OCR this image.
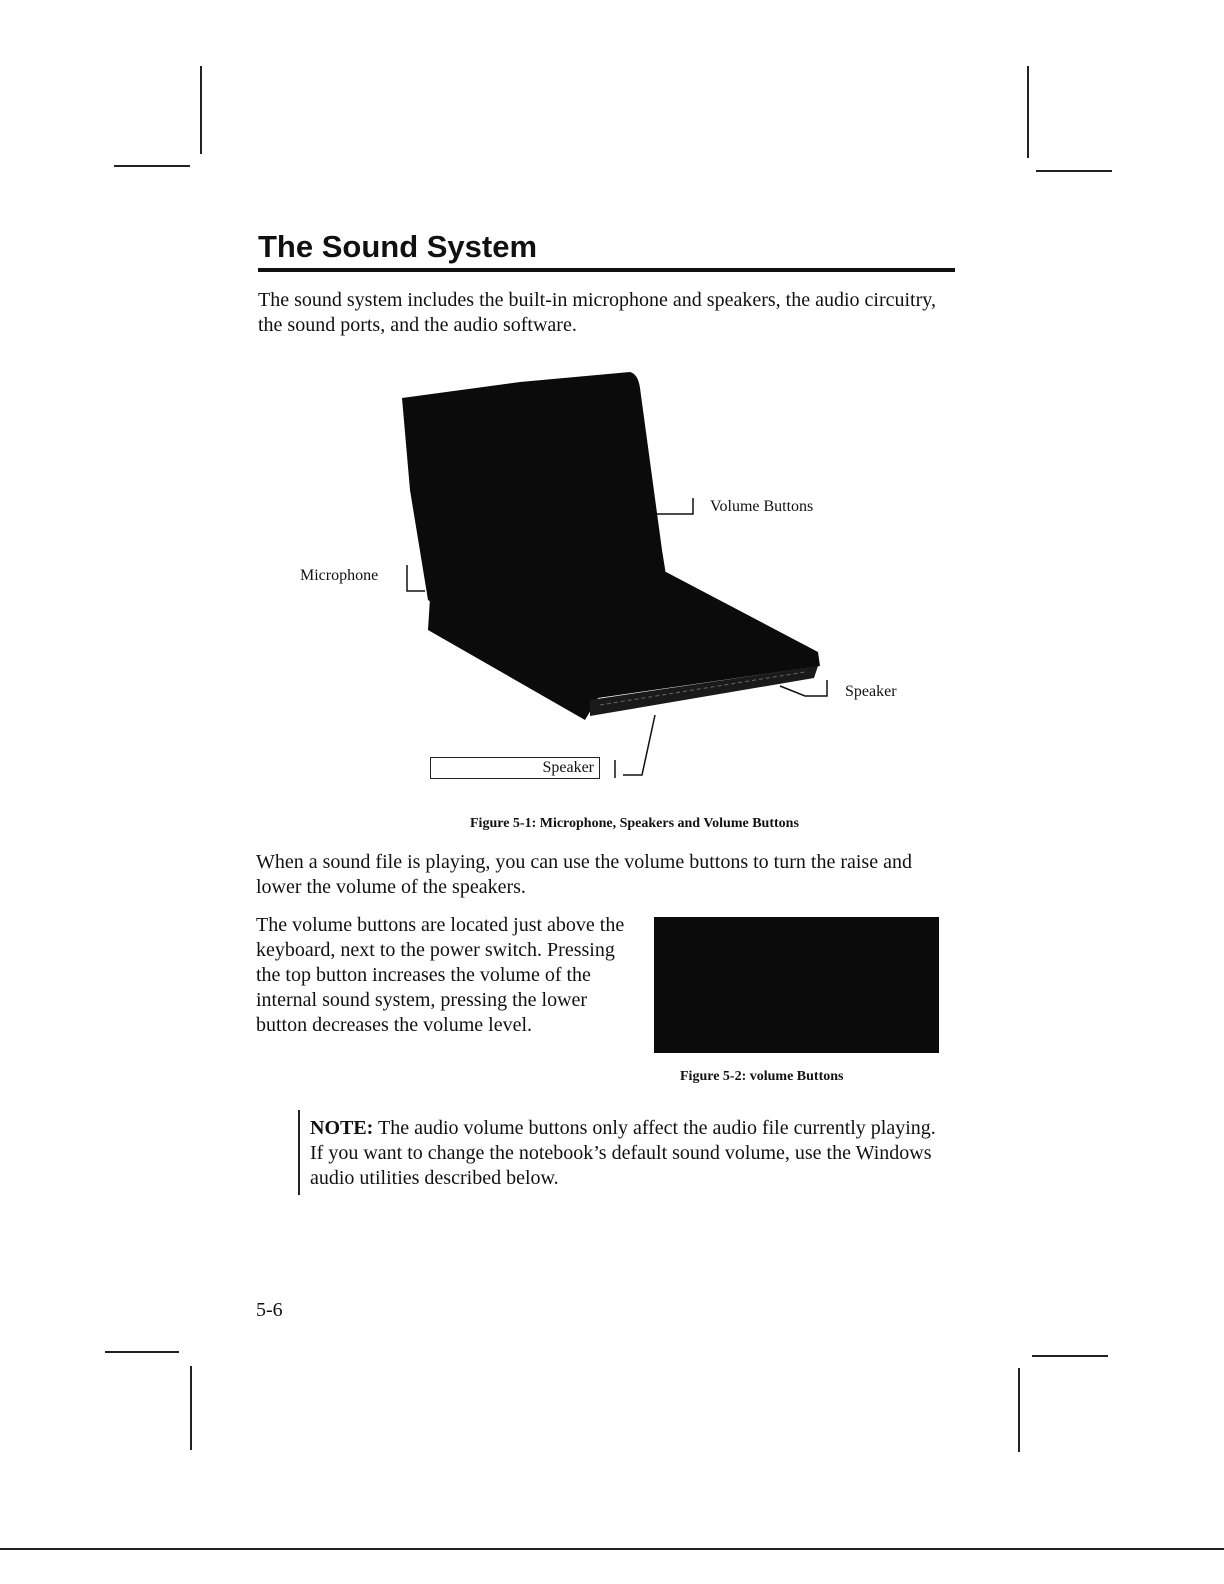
The Sound System

The sound system includes the built-in microphone and speakers, the audio circuitry, the sound ports, and the audio software.

Volume Buttons
Microphone
Speaker
Speaker
Figure 5-1: Microphone, Speakers and Volume Buttons

When a sound file is playing, you can use the volume buttons to turn the raise and lower the volume of the speakers.

The volume buttons are located just above the keyboard, next to the power switch. Pressing the top button increases the volume of the internal sound system, pressing the lower button decreases the volume level.

Figure 5-2: volume Buttons

NOTE: The audio volume buttons only affect the audio file currently playing. If you want to change the notebook’s default sound volume, use the Windows audio utilities described below.

5-6
